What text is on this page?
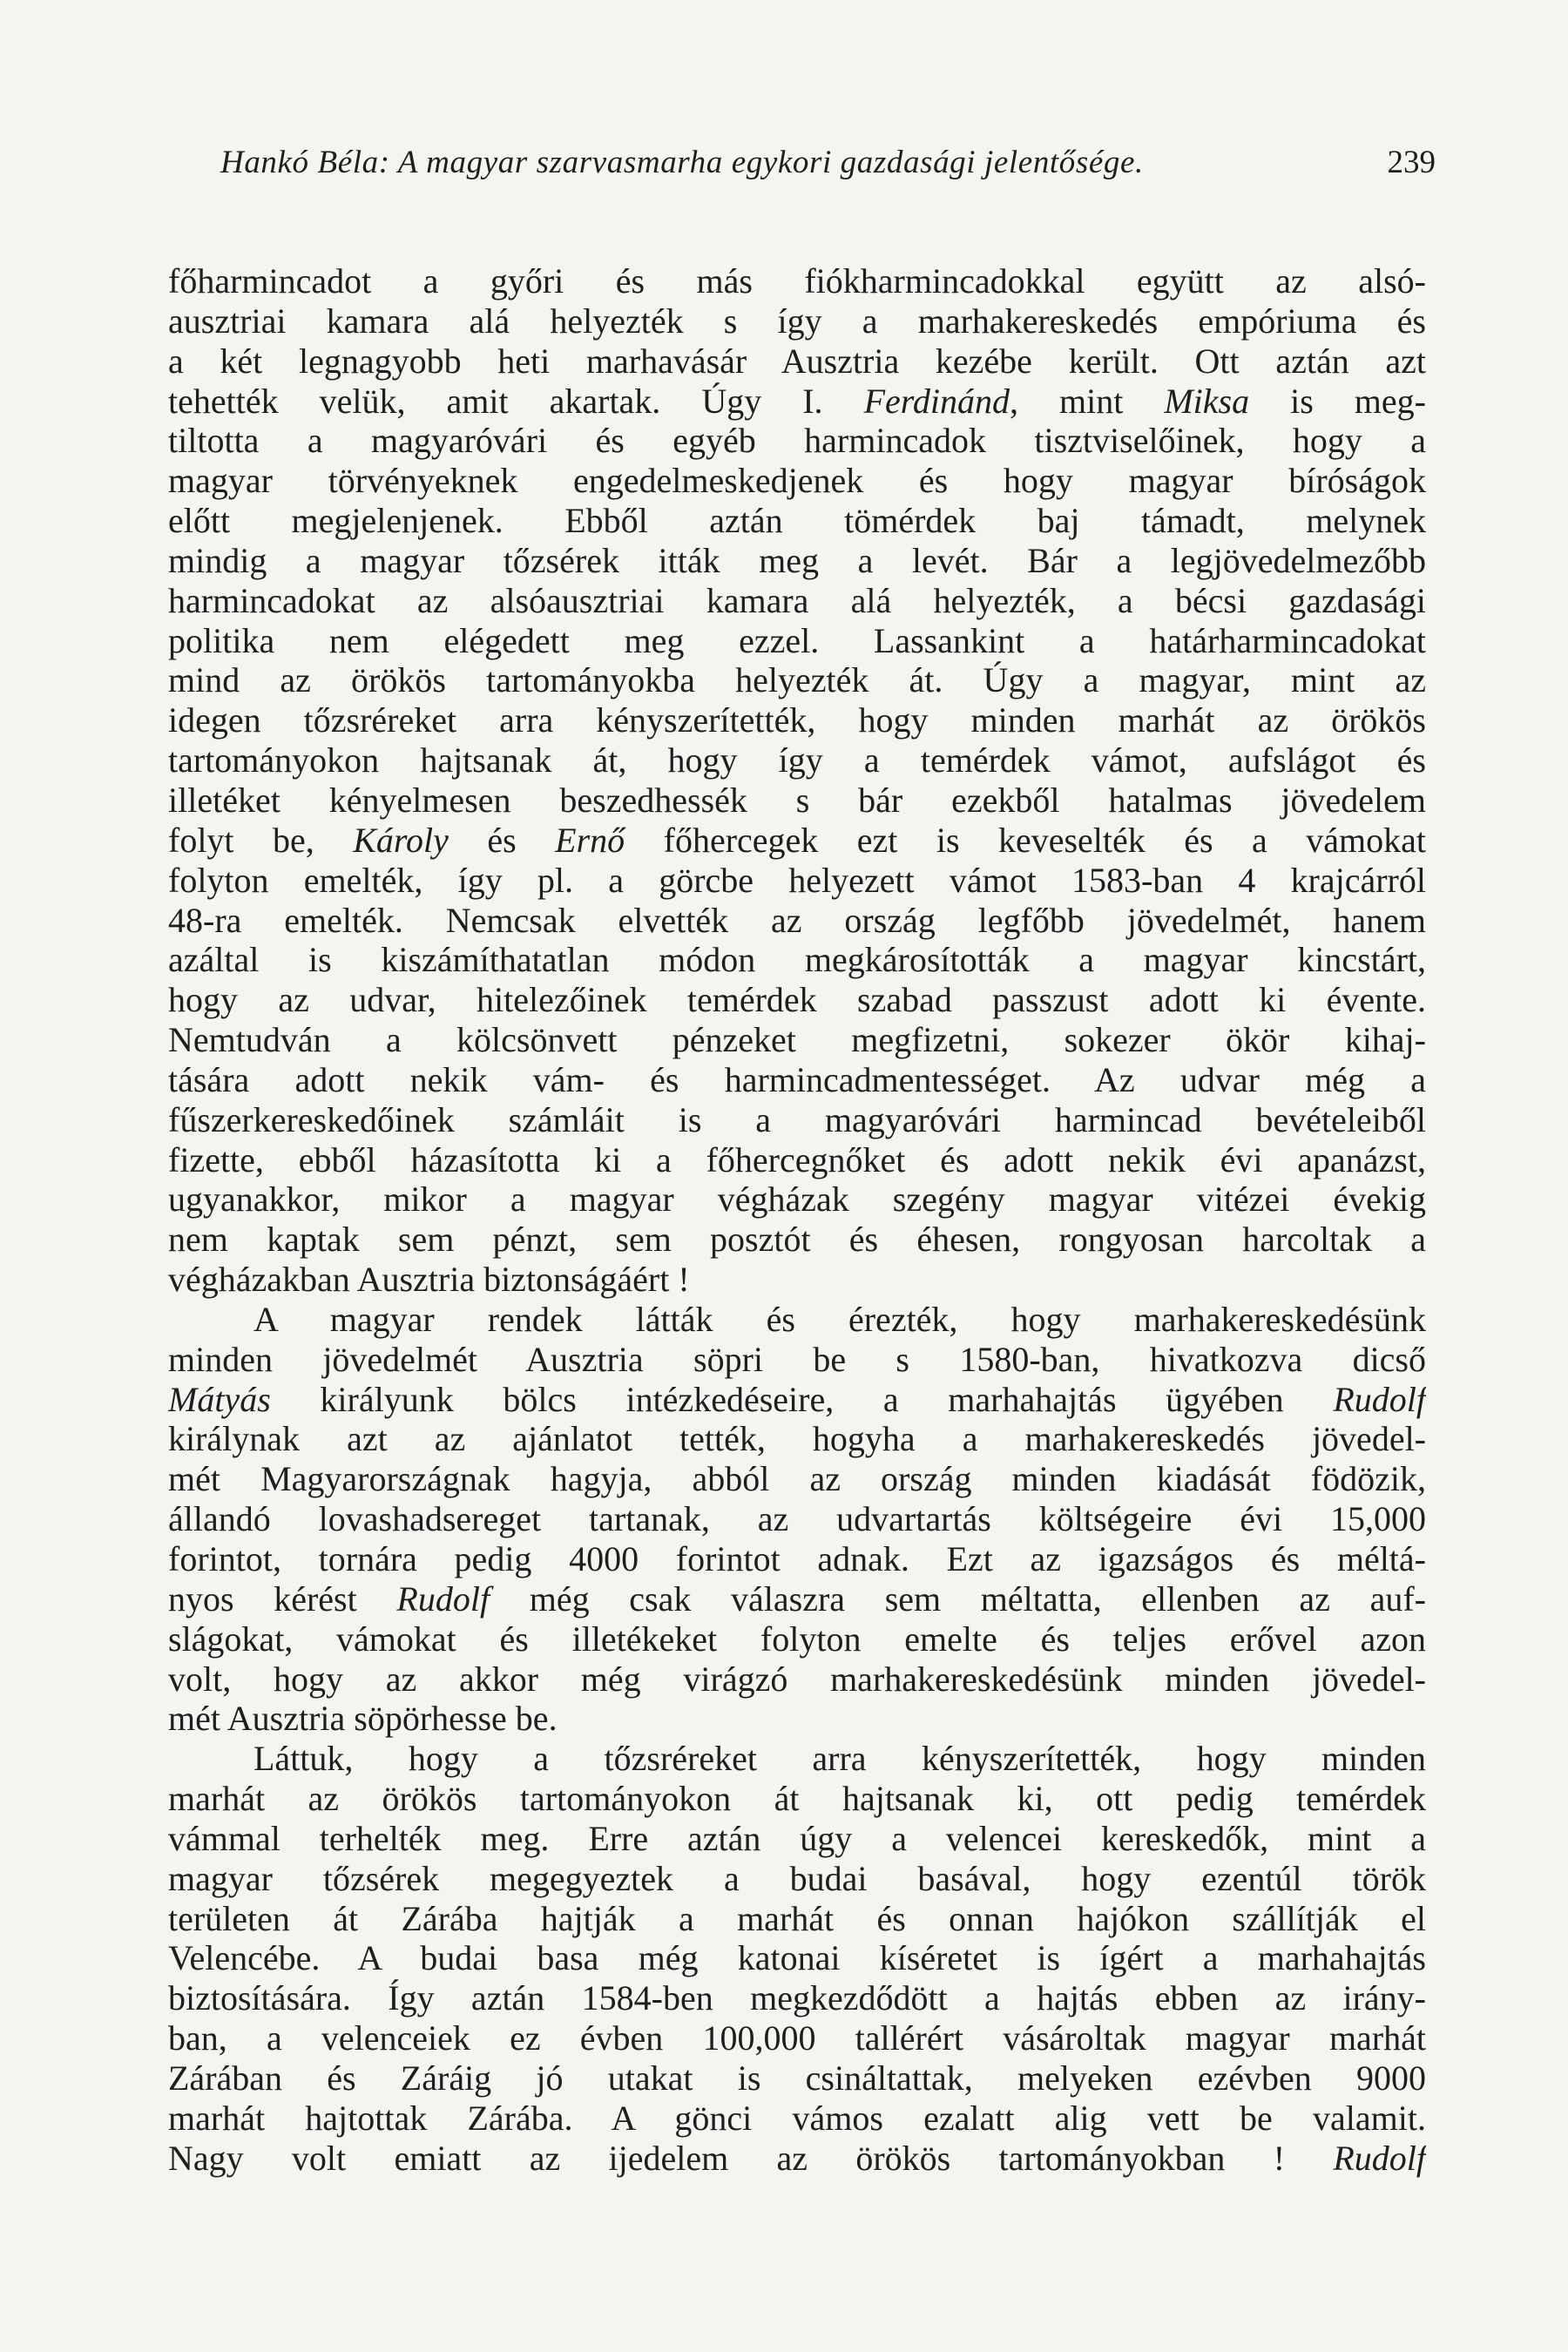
Hankó Béla: A magyar szarvasmarha egykori gazdasági jelentősége.	239
főharmincadot a győri és más fiókharmincadokkal együtt az alsó-
ausztriai kamara alá helyezték s így a marhakereskedés empóriuma és
a két legnagyobb heti marhavásár Ausztria kezébe került. Ott aztán azt
tehették velük, amit akartak. Úgy I. Ferdinánd, mint Miksa is meg-
tiltotta a magyaróvári és egyéb harmincadok tisztviselőinek, hogy a
magyar törvényeknek engedelmeskedjenek és hogy magyar bíróságok
előtt megjelenjenek. Ebből aztán tömérdek baj támadt, melynek
mindig a magyar tőzsérek itták meg a levét. Bár a legjövedelmezőbb
harmincadokat az alsóausztriai kamara alá helyezték, a bécsi gazdasági
politika nem elégedett meg ezzel. Lassankint a határharmincadokat
mind az örökös tartományokba helyezték át. Úgy a magyar, mint az
idegen tőzsréreket arra kényszerítették, hogy minden marhát az örökös
tartományokon hajtsanak át, hogy így a temérdek vámot, aufslágot és
illetéket kényelmesen beszedhessék s bár ezekből hatalmas jövedelem
folyt be, Károly és Ernő főhercegek ezt is keveselték és a vámokat
folyton emelték, így pl. a görcbe helyezett vámot 1583-ban 4 krajcárról
48-ra emelték. Nemcsak elvették az ország legfőbb jövedelmét, hanem
azáltal is kiszámíthatatlan módon megkárosították a magyar kincstárt,
hogy az udvar, hitelezőinek temérdek szabad passzust adott ki évente.
Nemtudván a kölcsönvett pénzeket megfizetni, sokezer ökör kihaj-
tására adott nekik vám- és harmincadmentességet. Az udvar még a
fűszerkereskedőinek számláit is a magyaróvári harmincad bevételeiből
fizette, ebből házasította ki a főhercegnőket és adott nekik évi apanázst,
ugyanakkor, mikor a magyar végházak szegény magyar vitézei évekig
nem kaptak sem pénzt, sem posztót és éhesen, rongyosan harcoltak a
végházakban Ausztria biztonságáért !
A magyar rendek látták és érezték, hogy marhakereskedésünk
minden jövedelmét Ausztria söpri be s 1580-ban, hivatkozva dicső
Mátyás királyunk bölcs intézkedéseire, a marhahajtás ügyében Rudolf
királynak azt az ajánlatot tették, hogyha a marhakereskedés jövedel-
mét Magyarországnak hagyja, abból az ország minden kiadását födözik,
állandó lovashadsereget tartanak, az udvartartás költségeire évi 15,000
forintot, tornára pedig 4000 forintot adnak. Ezt az igazságos és méltá-
nyos kérést Rudolf még csak válaszra sem méltatta, ellenben az auf-
slágokat, vámokat és illetékeket folyton emelte és teljes erővel azon
volt, hogy az akkor még virágzó marhakereskedésünk minden jövedel-
mét Ausztria söpörhesse be.
Láttuk, hogy a tőzsréreket arra kényszerítették, hogy minden
marhát az örökös tartományokon át hajtsanak ki, ott pedig temérdek
vámmal terhelték meg. Erre aztán úgy a velencei kereskedők, mint a
magyar tőzsérek megegyeztek a budai basával, hogy ezentúl török
területen át Zárába hajtják a marhát és onnan hajókon szállítják el
Velencébe. A budai basa még katonai kíséretet is ígért a marhahajtás
biztosítására. Így aztán 1584-ben megkezdődött a hajtás ebben az irány-
ban, a velenceiek ez évben 100,000 tallérért vásároltak magyar marhát
Zárában és Záráig jó utakat is csináltattak, melyeken ezévben 9000
marhát hajtottak Zárába. A gönci vámos ezalatt alig vett be valamit.
Nagy volt emiatt az ijedelem az örökös tartományokban ! Rudolf
